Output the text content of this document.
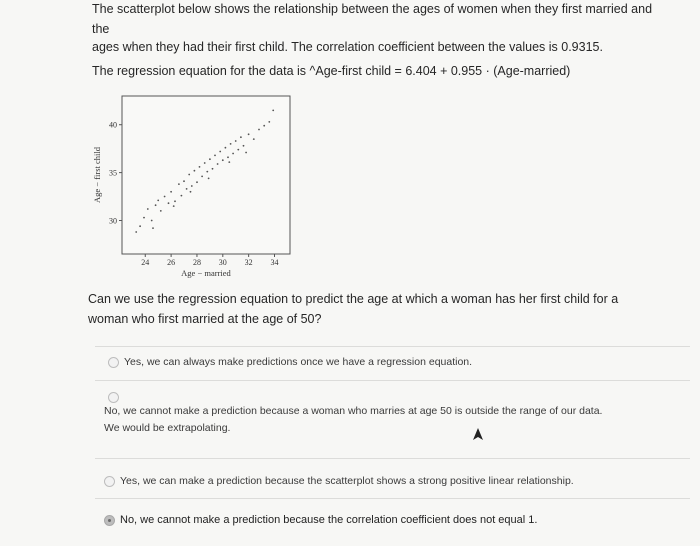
The scatterplot below shows the relationship between the ages of women when they first married and

the

ages when they had their first child. The correlation coefficient between the values is 0.9315.

The regression equation for the data is ^Age-first child = 6.404 + 0.955 · (Age-married)

40
35
30
24 26 28 30 32 34
Age − married
Age − first child
Can we use the regression equation to predict the age at which a woman has her first child for a
woman who first married at the age of 50?
Yes, we can always make predictions once we have a regression equation.
No, we cannot make a prediction because a woman who marries at age 50 is outside the range of our data.
We would be extrapolating.
Yes, we can make a prediction because the scatterplot shows a strong positive linear relationship.
No, we cannot make a prediction because the correlation coefficient does not equal 1.
